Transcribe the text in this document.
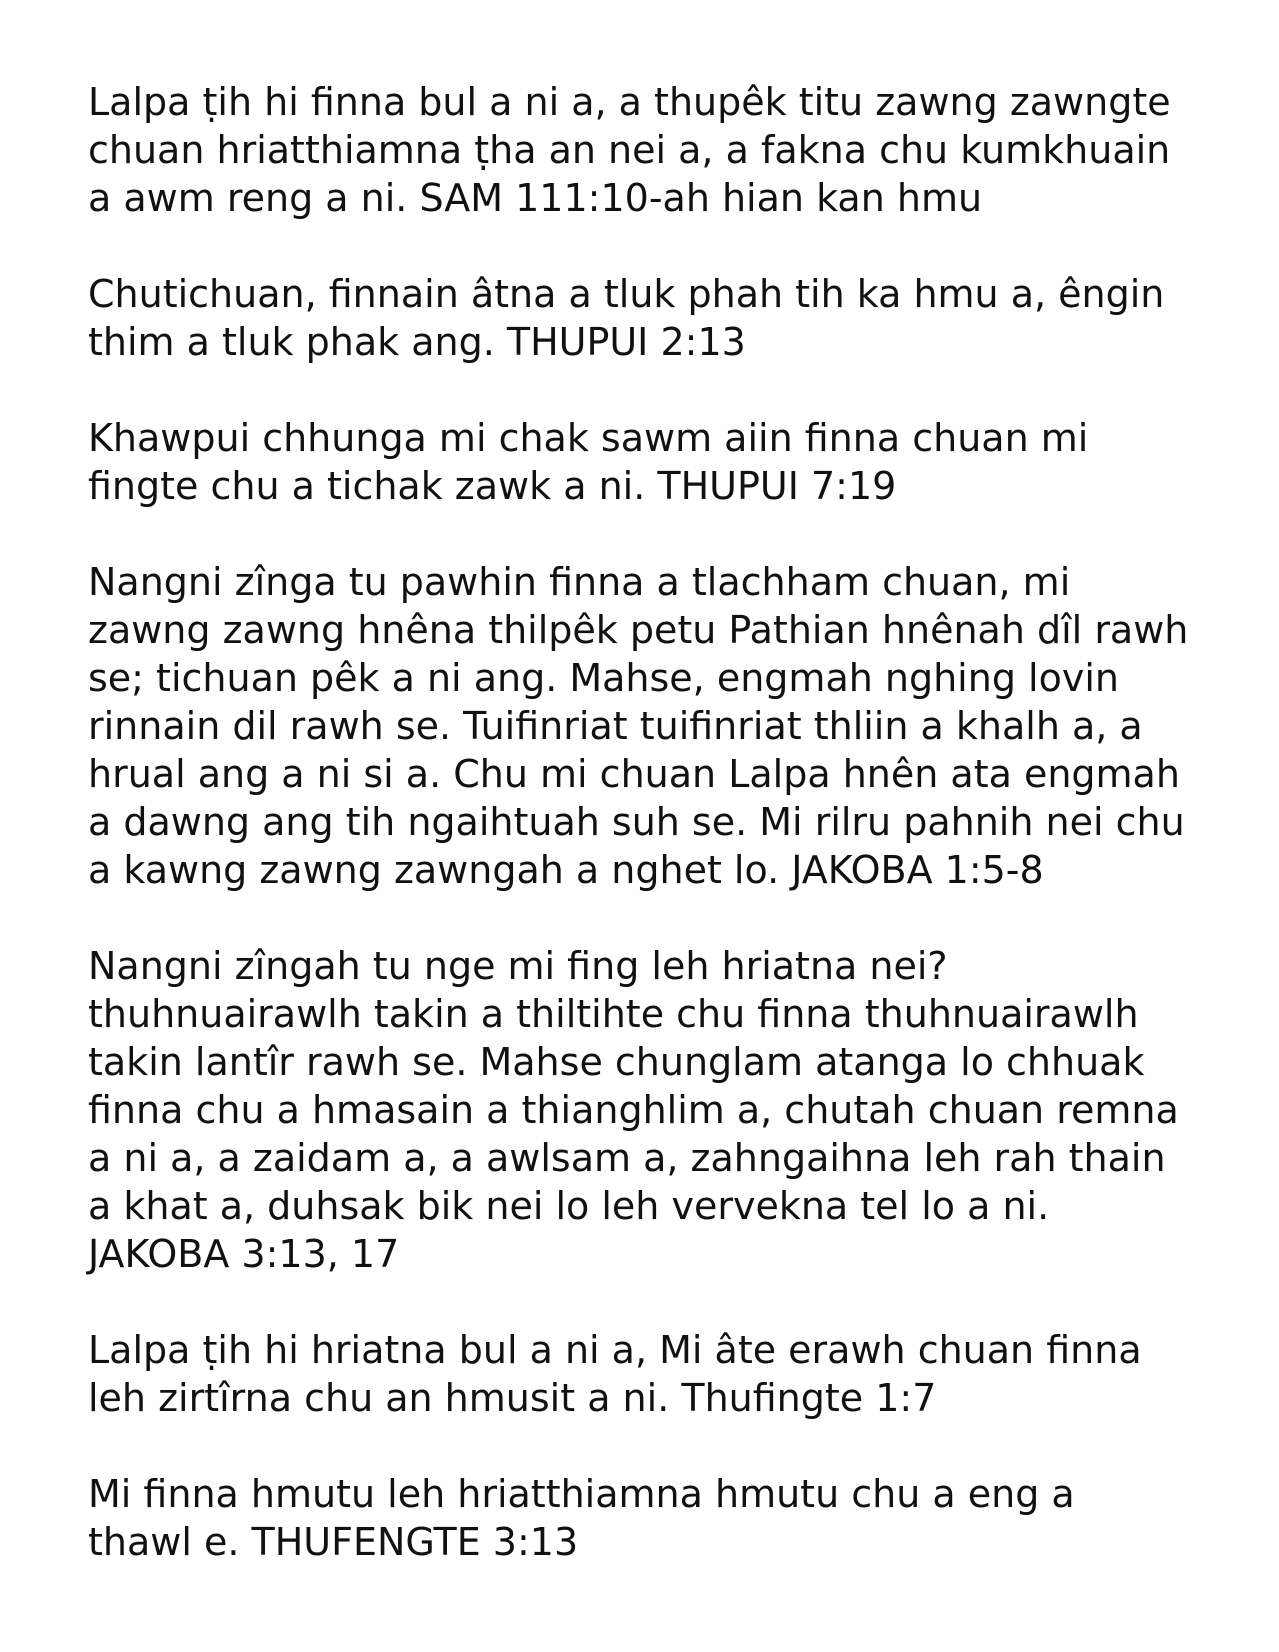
Lalpa ṭih hi finna bul a ni a, a thupêk titu zawng zawngte
chuan hriatthiamna ṭha an nei a, a fakna chu kumkhuain
a awm reng a ni. SAM 111:10-ah hian kan hmu

Chutichuan, finnain âtna a tluk phah tih ka hmu a, êngin
thim a tluk phak ang. THUPUI 2:13

Khawpui chhunga mi chak sawm aiin finna chuan mi
fingte chu a tichak zawk a ni. THUPUI 7:19

Nangni zînga tu pawhin finna a tlachham chuan, mi
zawng zawng hnêna thilpêk petu Pathian hnênah dîl rawh
se; tichuan pêk a ni ang. Mahse, engmah nghing lovin
rinnain dil rawh se. Tuifinriat tuifinriat thliin a khalh a, a
hrual ang a ni si a. Chu mi chuan Lalpa hnên ata engmah
a dawng ang tih ngaihtuah suh se. Mi rilru pahnih nei chu
a kawng zawng zawngah a nghet lo. JAKOBA 1:5-8

Nangni zîngah tu nge mi fing leh hriatna nei?
thuhnuairawlh takin a thiltihte chu finna thuhnuairawlh
takin lantîr rawh se. Mahse chunglam atanga lo chhuak
finna chu a hmasain a thianghlim a, chutah chuan remna
a ni a, a zaidam a, a awlsam a, zahngaihna leh rah thain
a khat a, duhsak bik nei lo leh vervekna tel lo a ni.
JAKOBA 3:13, 17

Lalpa ṭih hi hriatna bul a ni a, Mi âte erawh chuan finna
leh zirtîrna chu an hmusit a ni. Thufingte 1:7

Mi finna hmutu leh hriatthiamna hmutu chu a eng a
thawl e. THUFENGTE 3:13
